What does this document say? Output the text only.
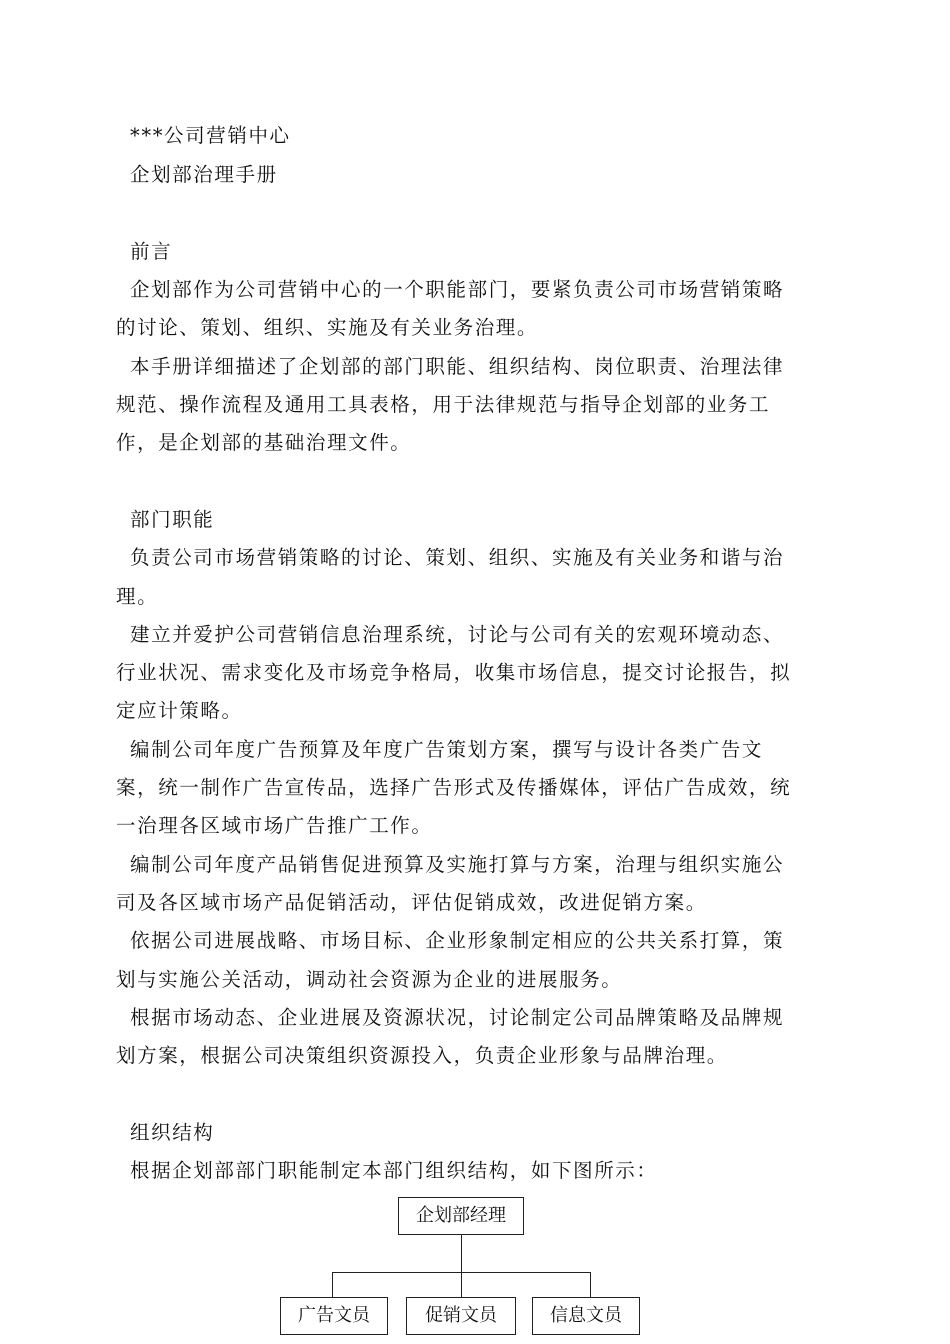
***公司营销中心
企划部治理手册
前言
企划部作为公司营销中心的一个职能部门，要紧负责公司市场营销策略
的讨论、策划、组织、实施及有关业务治理。
本手册详细描述了企划部的部门职能、组织结构、岗位职责、治理法律
规范、操作流程及通用工具表格，用于法律规范与指导企划部的业务工
作，是企划部的基础治理文件。
部门职能
负责公司市场营销策略的讨论、策划、组织、实施及有关业务和谐与治
理。
建立并爱护公司营销信息治理系统，讨论与公司有关的宏观环境动态、
行业状况、需求变化及市场竞争格局，收集市场信息，提交讨论报告，拟
定应计策略。
编制公司年度广告预算及年度广告策划方案，撰写与设计各类广告文
案，统一制作广告宣传品，选择广告形式及传播媒体，评估广告成效，统
一治理各区域市场广告推广工作。
编制公司年度产品销售促进预算及实施打算与方案，治理与组织实施公
司及各区域市场产品促销活动，评估促销成效，改进促销方案。
依据公司进展战略、市场目标、企业形象制定相应的公共关系打算，策
划与实施公关活动，调动社会资源为企业的进展服务。
根据市场动态、企业进展及资源状况，讨论制定公司品牌策略及品牌规
划方案，根据公司决策组织资源投入，负责企业形象与品牌治理。
组织结构
根据企划部部门职能制定本部门组织结构，如下图所示：
企划部经理
广告文员	促销文员	信息文员
